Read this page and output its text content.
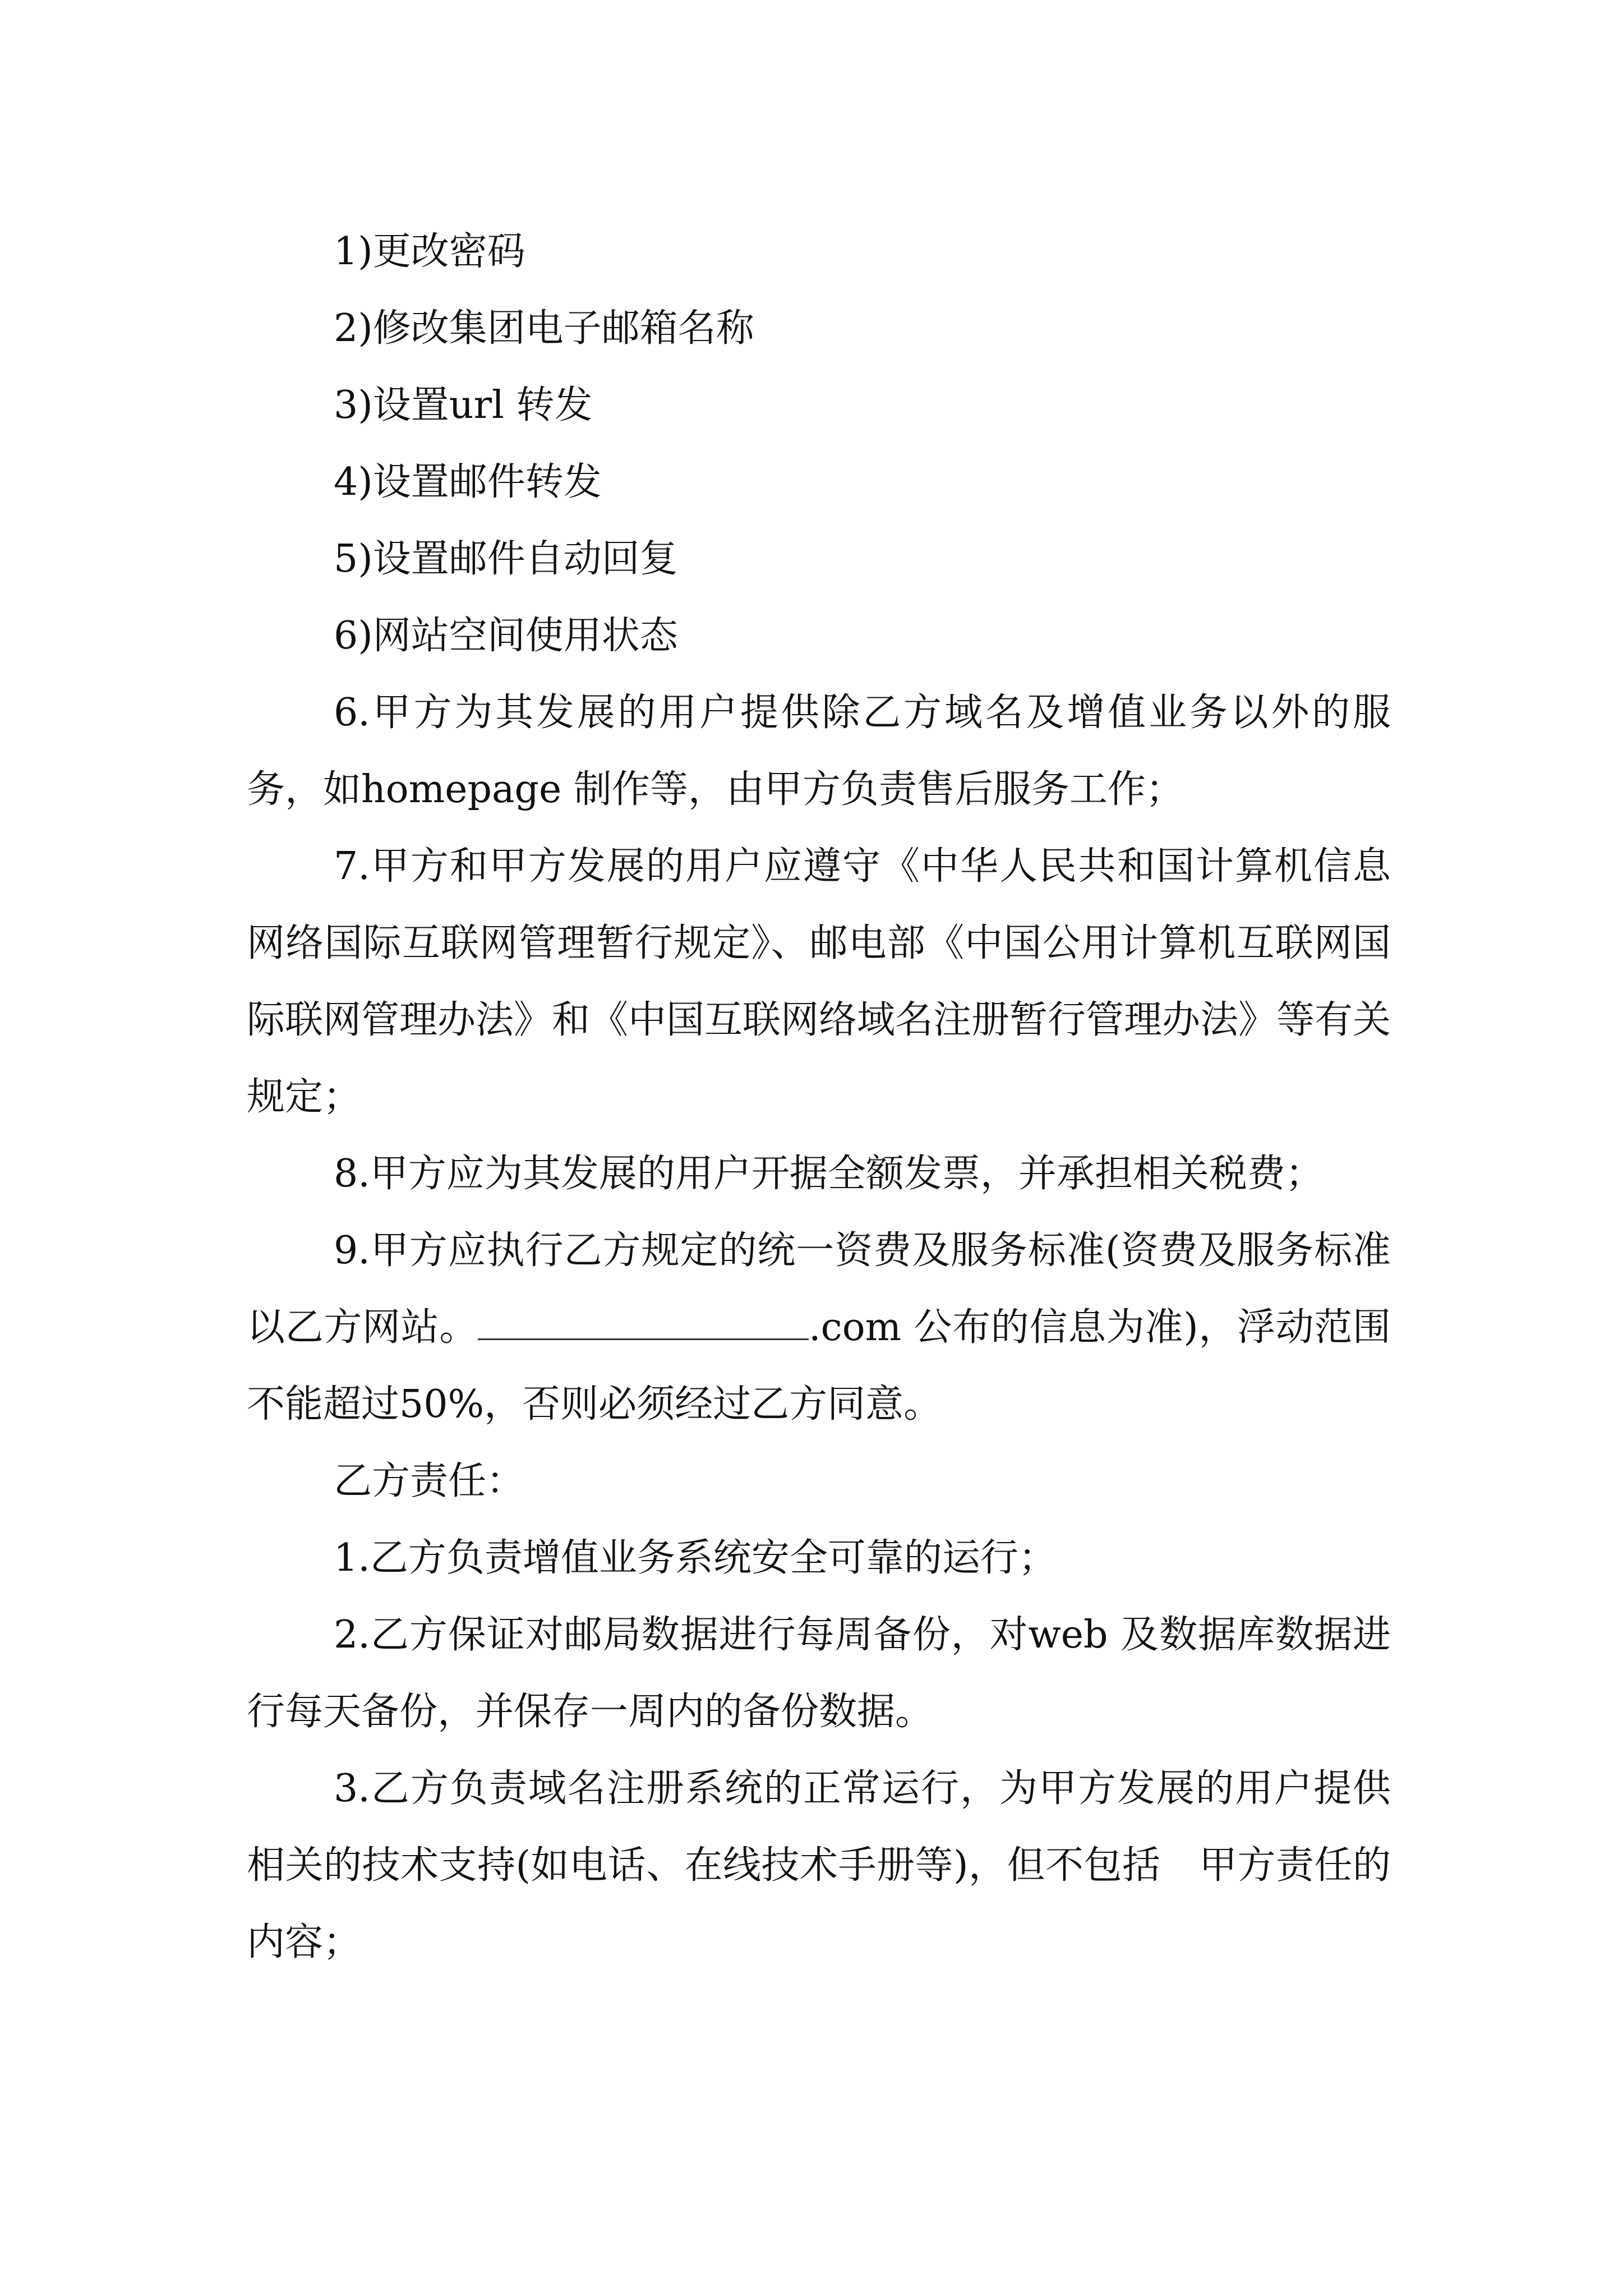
1)更改密码
2)修改集团电子邮箱名称
3)设置url 转发
4)设置邮件转发
5)设置邮件自动回复
6)网站空间使用状态

6.甲方为其发展的用户提供除乙方域名及增值业务以外的服务，如homepage 制作等，由甲方负责售后服务工作；

7.甲方和甲方发展的用户应遵守《中华人民共和国计算机信息网络国际互联网管理暂行规定》、邮电部《中国公用计算机互联网国际联网管理办法》和《中国互联网络域名注册暂行管理办法》等有关规定；

8.甲方应为其发展的用户开据全额发票，并承担相关税费；

9.甲方应执行乙方规定的统一资费及服务标准(资费及服务标准以乙方网站。	.com 公布的信息为准)，浮动范围不能超过50%，否则必须经过乙方同意。

乙方责任：

1.乙方负责增值业务系统安全可靠的运行；

2.乙方保证对邮局数据进行每周备份，对web 及数据库数据进行每天备份，并保存一周内的备份数据。

3.乙方负责域名注册系统的正常运行，为甲方发展的用户提供相关的技术支持(如电话、在线技术手册等)，但不包括　甲方责任的内容；
